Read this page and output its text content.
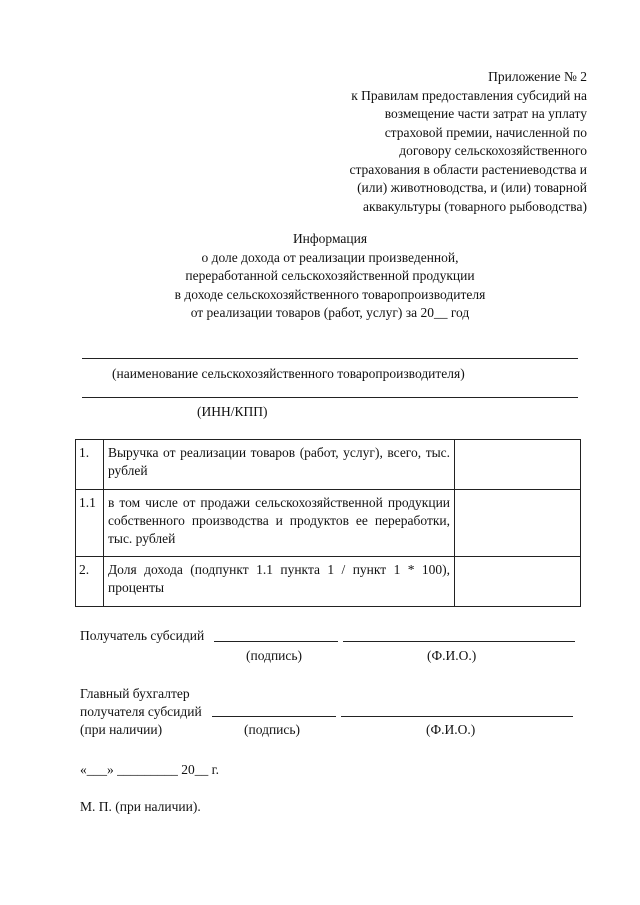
Приложение № 2
к Правилам предоставления субсидий на
возмещение части затрат на уплату
страховой премии, начисленной по
договору сельскохозяйственного
страхования в области растениеводства и
(или) животноводства, и (или) товарной
аквакультуры (товарного рыбоводства)
Информация
о доле дохода от реализации произведенной,
переработанной сельскохозяйственной продукции
в доходе сельскохозяйственного товаропроизводителя
от реализации товаров (работ, услуг) за 20__ год
(наименование сельскохозяйственного товаропроизводителя)
(ИНН/КПП)
1.	Выручка от реализации товаров (работ, услуг), всего, тыс. рублей	
1.1	в том числе от продажи сельскохозяйственной продукции собственного производства и продуктов ее переработки, тыс. рублей	
2.	Доля дохода (подпункт 1.1 пункта 1 / пункт 1 * 100), проценты	
Получатель субсидий
(подпись)	(Ф.И.О.)
Главный бухгалтер
получателя субсидий
(при наличии)	(подпись)	(Ф.И.О.)
«___» _________ 20__ г.
М. П. (при наличии).
